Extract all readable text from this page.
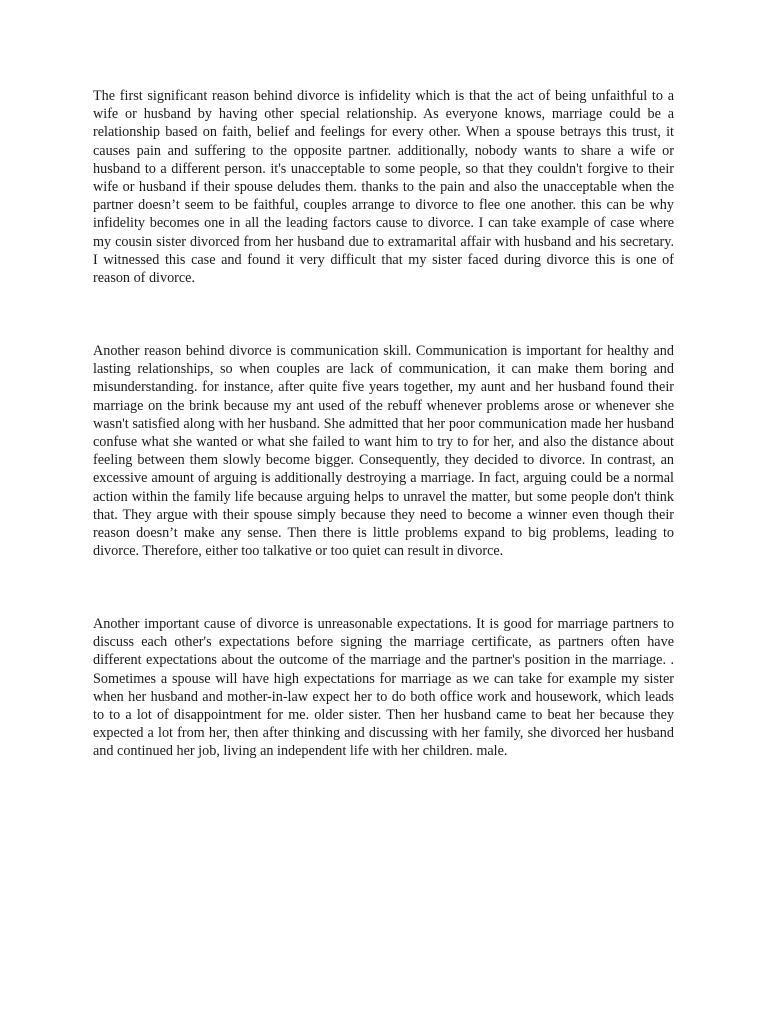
The first significant reason behind divorce is infidelity which is that the act of being unfaithful to a wife or husband by having other special relationship. As everyone knows, marriage could be a relationship based on faith, belief and feelings for every other. When a spouse betrays this trust, it causes pain and suffering to the opposite partner. additionally, nobody wants to share a wife or husband to a different person. it's unacceptable to some people, so that they couldn't forgive to their wife or husband if their spouse deludes them. thanks to the pain and also the unacceptable when the partner doesn’t seem to be faithful, couples arrange to divorce to flee one another. this can be why infidelity becomes one in all the leading factors cause to divorce. I can take example of case where my cousin sister divorced from her husband due to extramarital affair with husband and his secretary. I witnessed this case and found it very difficult that my sister faced during divorce this is one of reason of divorce.

Another reason behind divorce is communication skill. Communication is important for healthy and lasting relationships, so when couples are lack of communication, it can make them boring and misunderstanding. for instance, after quite five years together, my aunt and her husband found their marriage on the brink because my ant used of the rebuff whenever problems arose or whenever she wasn't satisfied along with her husband. She admitted that her poor communication made her husband confuse what she wanted or what she failed to want him to try to for her, and also the distance about feeling between them slowly become bigger. Consequently, they decided to divorce. In contrast, an excessive amount of arguing is additionally destroying a marriage. In fact, arguing could be a normal action within the family life because arguing helps to unravel the matter, but some people don't think that. They argue with their spouse simply because they need to become a winner even though their reason doesn’t make any sense. Then there is little problems expand to big problems, leading to divorce. Therefore, either too talkative or too quiet can result in divorce.

Another important cause of divorce is unreasonable expectations. It is good for marriage partners to discuss each other's expectations before signing the marriage certificate, as partners often have different expectations about the outcome of the marriage and the partner's position in the marriage. . Sometimes a spouse will have high expectations for marriage as we can take for example my sister when her husband and mother-in-law expect her to do both office work and housework, which leads to to a lot of disappointment for me. older sister. Then her husband came to beat her because they expected a lot from her, then after thinking and discussing with her family, she divorced her husband and continued her job, living an independent life with her children. male.
